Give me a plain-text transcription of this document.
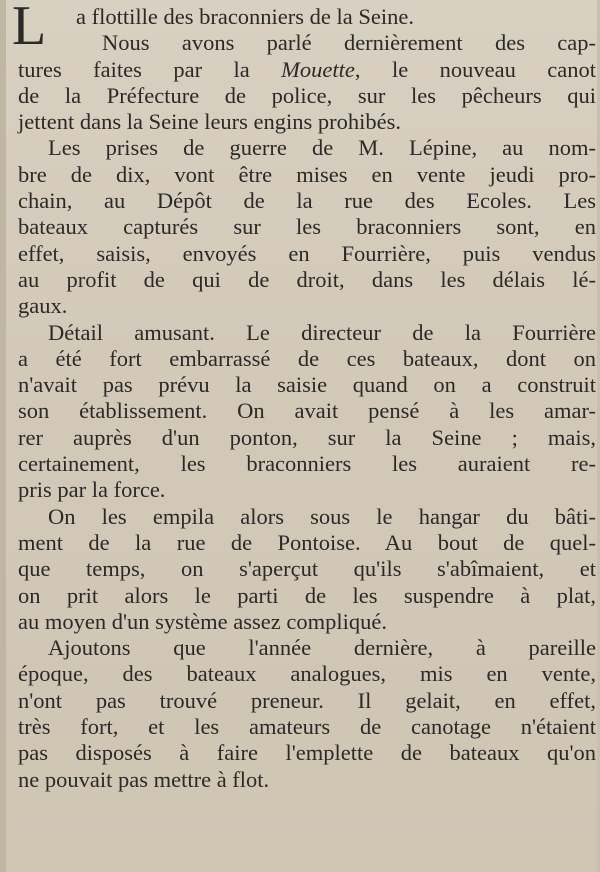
L	a flottille des braconniers de la Seine.
Nous avons parlé dernièrement des cap-
tures faites par la Mouette, le nouveau canot
de la Préfecture de police, sur les pêcheurs qui
jettent dans la Seine leurs engins prohibés.
Les prises de guerre de M. Lépine, au nom-
bre de dix, vont être mises en vente jeudi pro-
chain, au Dépôt de la rue des Ecoles. Les
bateaux capturés sur les braconniers sont, en
effet, saisis, envoyés en Fourrière, puis vendus
au profit de qui de droit, dans les délais lé-
gaux.
Détail amusant. Le directeur de la Fourrière
a été fort embarrassé de ces bateaux, dont on
n'avait pas prévu la saisie quand on a construit
son établissement. On avait pensé à les amar-
rer auprès d'un ponton, sur la Seine ; mais,
certainement, les braconniers les auraient re-
pris par la force.
On les empila alors sous le hangar du bâti-
ment de la rue de Pontoise. Au bout de quel-
que temps, on s'aperçut qu'ils s'abîmaient, et
on prit alors le parti de les suspendre à plat,
au moyen d'un système assez compliqué.
Ajoutons que l'année dernière, à pareille
époque, des bateaux analogues, mis en vente,
n'ont pas trouvé preneur. Il gelait, en effet,
très fort, et les amateurs de canotage n'étaient
pas disposés à faire l'emplette de bateaux qu'on
ne pouvait pas mettre à flot.
